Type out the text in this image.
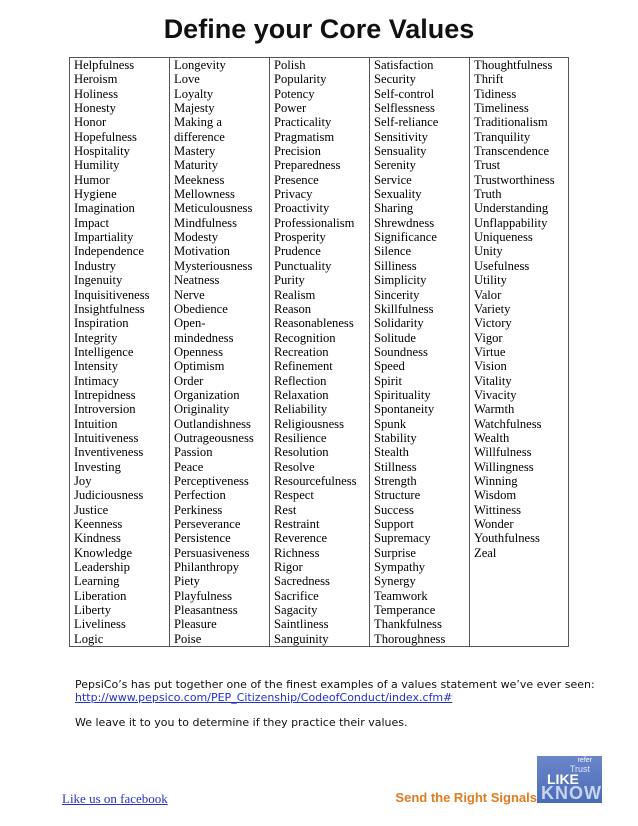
Define your Core Values
Helpfulness
Heroism
Holiness
Honesty
Honor
Hopefulness
Hospitality
Humility
Humor
Hygiene
Imagination
Impact
Impartiality
Independence
Industry
Ingenuity
Inquisitiveness
Insightfulness
Inspiration
Integrity
Intelligence
Intensity
Intimacy
Intrepidness
Introversion
Intuition
Intuitiveness
Inventiveness
Investing
Joy
Judiciousness
Justice
Keenness
Kindness
Knowledge
Leadership
Learning
Liberation
Liberty
Liveliness
Logic

Longevity
Love
Loyalty
Majesty
Making a
difference
Mastery
Maturity
Meekness
Mellowness
Meticulousness
Mindfulness
Modesty
Motivation
Mysteriousness
Neatness
Nerve
Obedience
Open-
mindedness
Openness
Optimism
Order
Organization
Originality
Outlandishness
Outrageousness
Passion
Peace
Perceptiveness
Perfection
Perkiness
Perseverance
Persistence
Persuasiveness
Philanthropy
Piety
Playfulness
Pleasantness
Pleasure
Poise

Polish
Popularity
Potency
Power
Practicality
Pragmatism
Precision
Preparedness
Presence
Privacy
Proactivity
Professionalism
Prosperity
Prudence
Punctuality
Purity
Realism
Reason
Reasonableness
Recognition
Recreation
Refinement
Reflection
Relaxation
Reliability
Religiousness
Resilience
Resolution
Resolve
Resourcefulness
Respect
Rest
Restraint
Reverence
Richness
Rigor
Sacredness
Sacrifice
Sagacity
Saintliness
Sanguinity

Satisfaction
Security
Self-control
Selflessness
Self-reliance
Sensitivity
Sensuality
Serenity
Service
Sexuality
Sharing
Shrewdness
Significance
Silence
Silliness
Simplicity
Sincerity
Skillfulness
Solidarity
Solitude
Soundness
Speed
Spirit
Spirituality
Spontaneity
Spunk
Stability
Stealth
Stillness
Strength
Structure
Success
Support
Supremacy
Surprise
Sympathy
Synergy
Teamwork
Temperance
Thankfulness
Thoroughness

Thoughtfulness
Thrift
Tidiness
Timeliness
Traditionalism
Tranquility
Transcendence
Trust
Trustworthiness
Truth
Understanding
Unflappability
Uniqueness
Unity
Usefulness
Utility
Valor
Variety
Victory
Vigor
Virtue
Vision
Vitality
Vivacity
Warmth
Watchfulness
Wealth
Willfulness
Willingness
Winning
Wisdom
Wittiness
Wonder
Youthfulness
Zeal
PepsiCo’s has put together one of the finest examples of a values statement we’ve ever seen:
http://www.pepsico.com/PEP_Citizenship/CodeofConduct/index.cfm#
We leave it to you to determine if they practice their values.
Like us on facebook	Send the Right Signals
refer
Trust
LIKE
KNOW
